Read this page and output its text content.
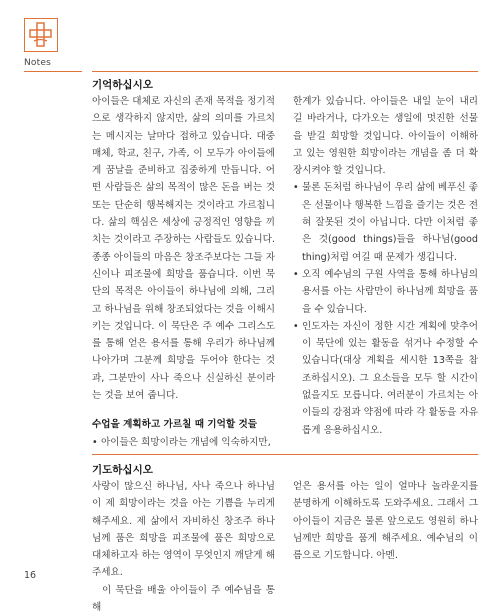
Notes
기억하십시오

아이들은 대체로 자신의 존재 목적을 정기적으로 생각하지 않지만, 삶의 의미를 가르치는 메시지는 날마다 접하고 있습니다. 대중매체, 학교, 친구, 가족, 이 모두가 아이들에게 꿈날을 준비하고 집중하게 만듭니다. 어떤 사람들은 삶의 목적이 많은 돈을 버는 것 또는 단순히 행복해지는 것이라고 가르칩니다. 삶의 핵심은 세상에 긍정적인 영향을 끼치는 것이라고 주장하는 사람들도 있습니다. 종종 아이들의 마음은 창조주보다는 그들 자신이나 피조물에 희망을 품습니다. 이번 묵단의 목적은 아이들이 하나님에 의해, 그리고 하나님을 위해 창조되었다는 것을 이해시키는 것입니다. 이 묵단은 주 예수 그리스도를 통해 얻은 용서를 통해 우리가 하나님께 나아가며 그분께 희망을 두어야 한다는 것과, 그분만이 사나 죽으나 신실하신 분이라는 것을 보여 줍니다.

수업을 계획하고 가르칠 때 기억할 것들

• 아이들은 희망이라는 개념에 익숙하지만,

한계가 있습니다. 아이들은 내일 눈이 내리길 바라거나, 다가오는 생일에 멋진한 선물을 받길 희망할 것입니다. 아이들이 이해하고 있는 영원한 희망이라는 개념을 좀 더 확장시켜야 할 것입니다.

• 물론 돈처럼 하나님이 우리 삶에 베푸신 좋은 선물이나 행복한 느낌을 즐기는 것은 전혀 잘못된 것이 아닙니다. 다만 이처럼 좋은 것(good things)들을 하나님(good thing)처럼 여길 때 문제가 생깁니다.
• 오직 예수님의 구원 사역을 통해 하나님의 용서를 아는 사람만이 하나님께 희망을 품을 수 있습니다.
• 인도자는 자신이 정한 시간 계획에 맞추어 이 묵단에 있는 활동을 섞거나 수정할 수 있습니다(대상 계획을 세시한 13쪽을 참조하십시오). 그 요소들을 모두 할 시간이 없을지도 모릅니다. 여러분이 가르치는 아이들의 강점과 약점에 따라 각 활동을 자유롭게 응용하십시오.
기도하십시오

사랑이 많으신 하나님, 사나 죽으나 하나님이 제 희망이라는 것을 아는 기쁨을 누리게 해주세요. 제 삶에서 자비하신 창조주 하나님께 품은 희망을 피조물에 품은 희망으로 대체하고자 하는 영역이 무엇인지 깨닫게 해주세요.

이 묵단을 배울 아이들이 주 예수님을 통해

얻은 용서를 아는 일이 얼마나 놀라운지를 분명하게 이해하도록 도와주세요. 그래서 그 아이들이 지금은 물론 앞으로도 영원히 하나님께만 희망을 품게 해주세요. 예수님의 이름으로 기도합니다. 아멘.

16
